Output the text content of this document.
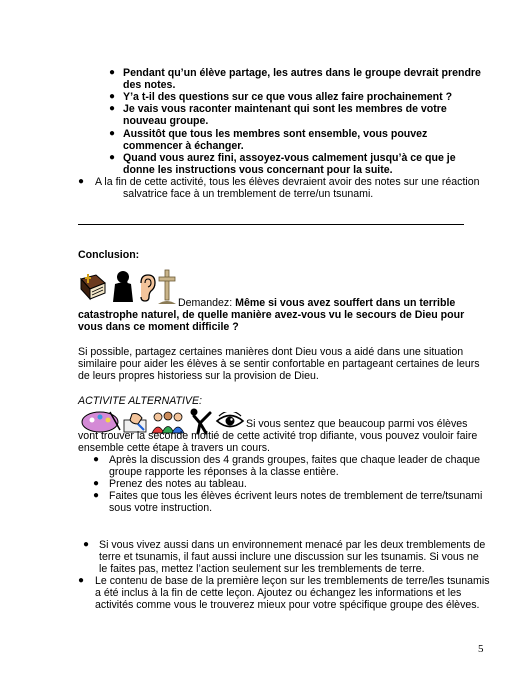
● Pendant qu’un élève partage, les autres dans le groupe devrait prendre
des notes.
● Y’a t-il des questions sur ce que vous allez faire prochainement ?
● Je vais vous raconter maintenant qui sont les membres de votre
nouveau groupe.
● Aussitôt que tous les membres sont ensemble, vous pouvez
commencer à échanger.
● Quand vous aurez fini, assoyez-vous calmement jusqu’à ce que je
donne les instructions vous concernant pour la suite.
● A la fin de cette activité, tous les élèves devraient avoir des notes sur une réaction
salvatrice face à un tremblement de terre/un tsunami.
Conclusion:
Demandez: Même si vous avez souffert dans un terrible
catastrophe naturel, de quelle manière avez-vous vu le secours de Dieu pour
vous dans ce moment difficile ?
Si possible, partagez certaines manières dont Dieu vous a aidé dans une situation
similaire pour aider les élèves à se sentir confortable en partageant certaines de leurs
de leurs propres historiess sur la provision de Dieu.
ACTIVITE ALTERNATIVE:
Si vous sentez que beaucoup parmi vos élèves
vont trouver la seconde moitié de cette activité trop difiante, vous pouvez vouloir faire
ensemble cette étape à travers un cours.
● Après la discussion des 4 grands groupes, faites que chaque leader de chaque
groupe rapporte les réponses à la classe entière.
● Prenez des notes au tableau.
● Faites que tous les élèves écrivent leurs notes de tremblement de terre/tsunami
sous votre instruction.
● Si vous vivez aussi dans un environnement menacé par les deux tremblements de
terre et tsunamis, il faut aussi inclure une discussion sur les tsunamis. Si vous ne
le faites pas, mettez l’action seulement sur les tremblements de terre.
● Le contenu de base de la première leçon sur les tremblements de terre/les tsunamis
a été inclus à la fin de cette leçon. Ajoutez ou échangez les informations et les
activités comme vous le trouverez mieux pour votre spécifique groupe des élèves.
5
